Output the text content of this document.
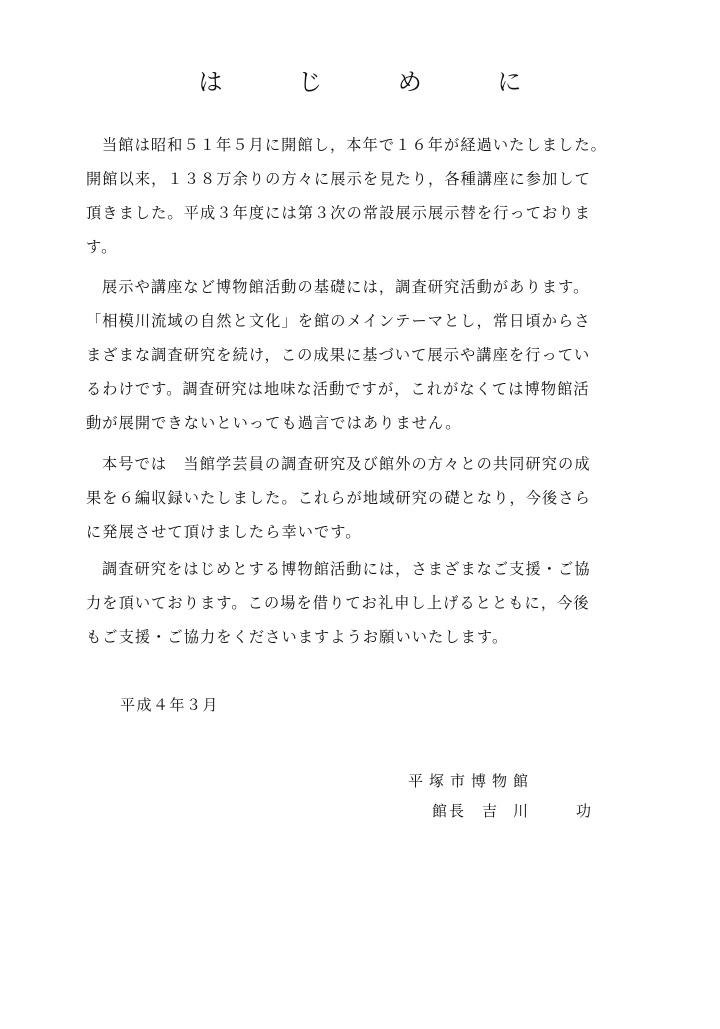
は じ め に
当館は昭和５１年５月に開館し，本年で１６年が経過いたしました。
開館以来，１３８万余りの方々に展示を見たり，各種講座に参加して
頂きました。平成３年度には第３次の常設展示展示替を行っておりま
す。
展示や講座など博物館活動の基礎には，調査研究活動があります。
「相模川流域の自然と文化」を館のメインテーマとし，常日頃からさ
まざまな調査研究を続け，この成果に基づいて展示や講座を行ってい
るわけです。調査研究は地味な活動ですが，これがなくては博物館活
動が展開できないといっても過言ではありません。
本号では　当館学芸員の調査研究及び館外の方々との共同研究の成
果を６編収録いたしました。これらが地域研究の礎となり，今後さら
に発展させて頂けましたら幸いです。
調査研究をはじめとする博物館活動には，さまざまなご支援・ご協
力を頂いております。この場を借りてお礼申し上げるとともに，今後
もご支援・ご協力をくださいますようお願いいたします。
平成４年３月
平塚市博物館
館長 吉川 功
